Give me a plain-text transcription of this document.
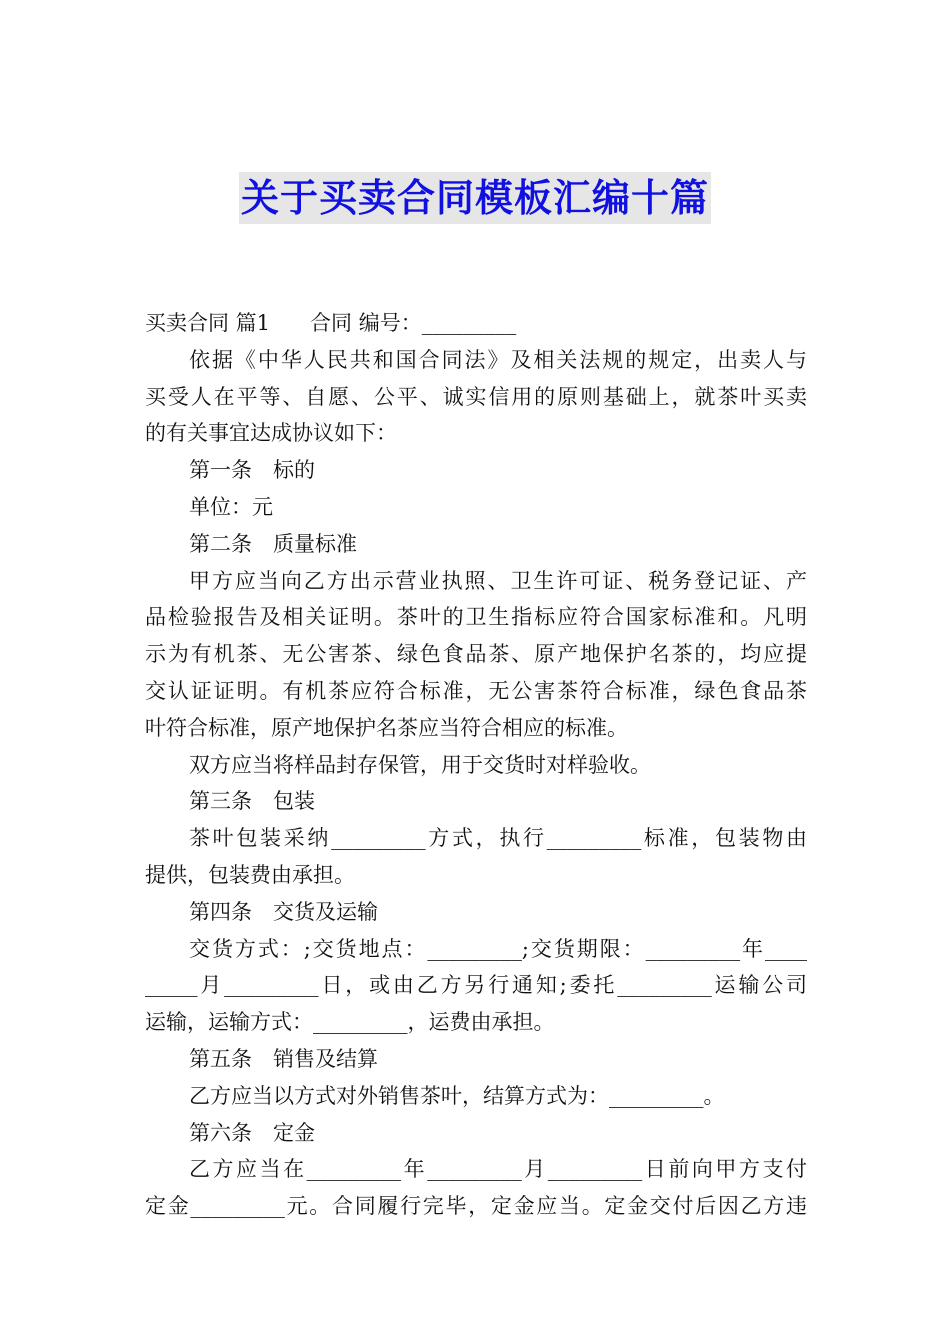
关于买卖合同模板汇编十篇
买卖合同 篇1 合同 编号：_________
依据《中华人民共和国合同法》及相关法规的规定，出卖人与
买受人在平等、自愿、公平、诚实信用的原则基础上，就茶叶买卖
的有关事宜达成协议如下：
第一条　标的
单位：元
第二条　质量标准
甲方应当向乙方出示营业执照、卫生许可证、税务登记证、产
品检验报告及相关证明。茶叶的卫生指标应符合国家标准和。凡明
示为有机茶、无公害茶、绿色食品茶、原产地保护名茶的，均应提
交认证证明。有机茶应符合标准，无公害茶符合标准，绿色食品茶
叶符合标准，原产地保护名茶应当符合相应的标准。
双方应当将样品封存保管，用于交货时对样验收。
第三条　包装
茶叶包装采纳_________方式，执行_________标准，包装物由
提供，包装费由承担。
第四条　交货及运输
交货方式：;交货地点：_________;交货期限：_________年____
_____月_________日，或由乙方另行通知;委托_________运输公司
运输，运输方式：_________，运费由承担。
第五条　销售及结算
乙方应当以方式对外销售茶叶，结算方式为：_________。
第六条　定金
乙方应当在_________年_________月_________日前向甲方支付
定金_________元。合同履行完毕，定金应当。定金交付后因乙方违
